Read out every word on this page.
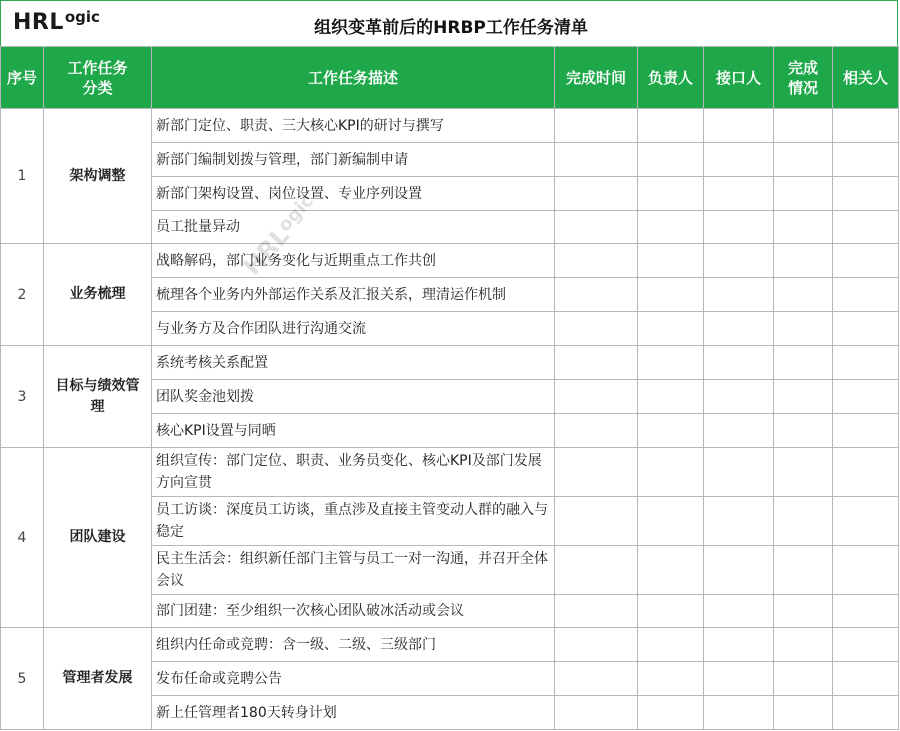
HRLogic
组织变革前后的HRBP工作任务清单
序号	工作任务分类	工作任务描述	完成时间	负责人	接口人	完成情况	相关人
1	架构调整	新部门定位、职责、三大核心KPI的研讨与撰写					
		新部门编制划拨与管理，部门新编制申请					
		新部门架构设置、岗位设置、专业序列设置					
		员工批量异动					
2	业务梳理	战略解码，部门业务变化与近期重点工作共创					
		梳理各个业务内外部运作关系及汇报关系，理清运作机制					
		与业务方及合作团队进行沟通交流					
3	目标与绩效管理	系统考核关系配置					
		团队奖金池划拨					
		核心KPI设置与同晒					
4	团队建设	组织宣传：部门定位、职责、业务员变化、核心KPI及部门发展方向宣贯					
		员工访谈：深度员工访谈，重点涉及直接主管变动人群的融入与稳定					
		民主生活会：组织新任部门主管与员工一对一沟通，并召开全体会议					
		部门团建：至少组织一次核心团队破冰活动或会议					
5	管理者发展	组织内任命或竞聘：含一级、二级、三级部门					
		发布任命或竞聘公告					
		新上任管理者180天转身计划					
$HRL^{ogic}$
